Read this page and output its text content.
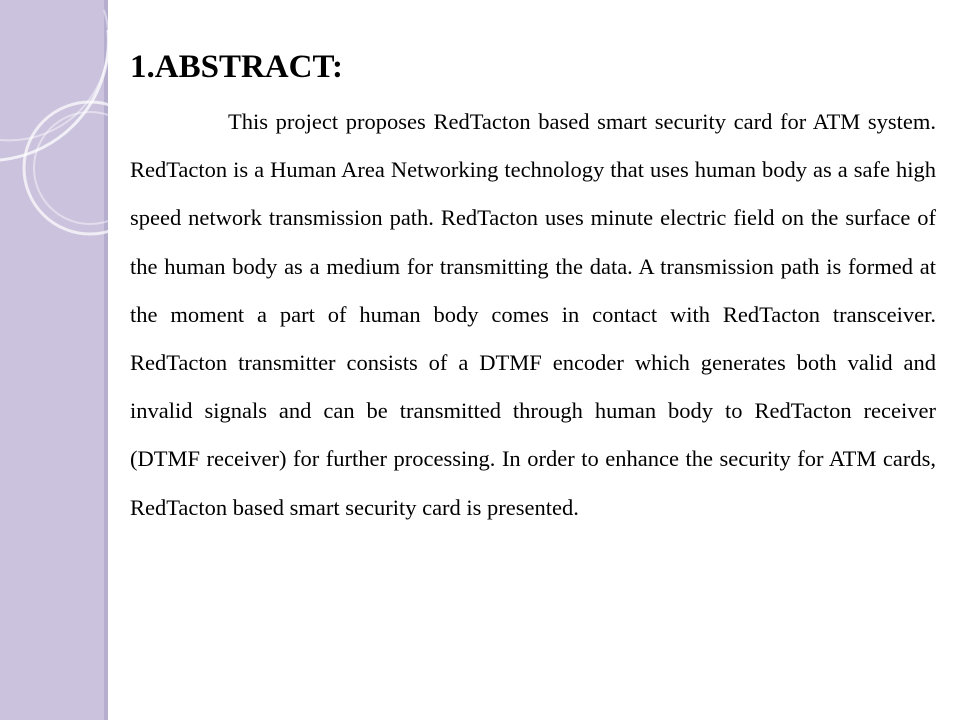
1.ABSTRACT:

This project proposes RedTacton based smart security card for ATM system. RedTacton is a Human Area Networking technology that uses human body as a safe high speed network transmission path. RedTacton uses minute electric field on the surface of the human body as a medium for transmitting the data. A transmission path is formed at the moment a part of human body comes in contact with RedTacton transceiver. RedTacton transmitter consists of a DTMF encoder which generates both valid and invalid signals and can be transmitted through human body to RedTacton receiver (DTMF receiver) for further processing. In order to enhance the security for ATM cards, RedTacton based smart security card is presented.
